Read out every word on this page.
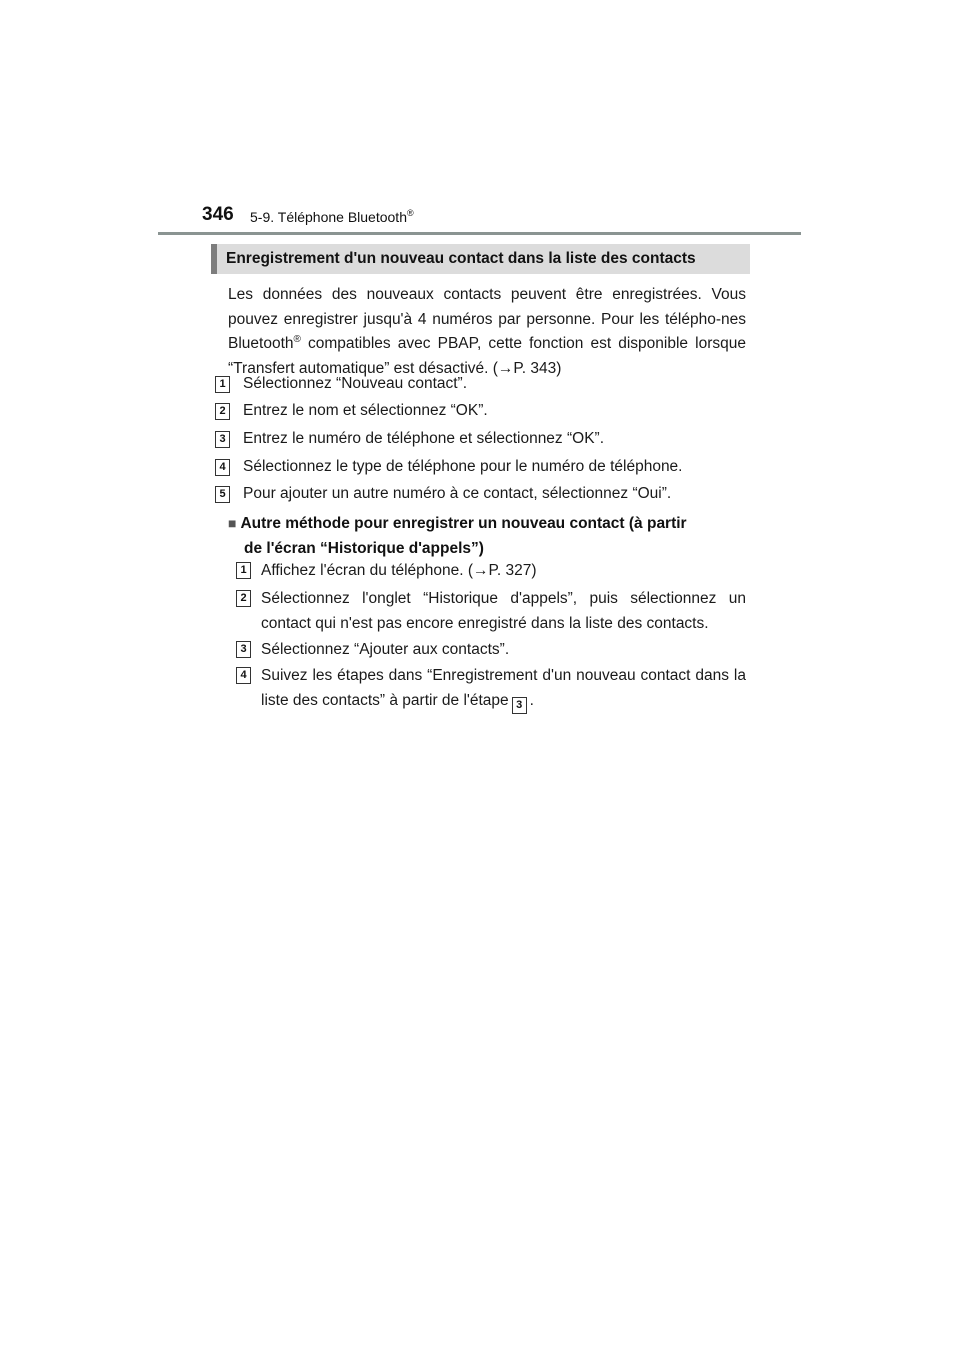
346 5-9. Téléphone Bluetooth®
Enregistrement d'un nouveau contact dans la liste des contacts
Les données des nouveaux contacts peuvent être enregistrées. Vous pouvez enregistrer jusqu'à 4 numéros par personne. Pour les télépho-nes Bluetooth® compatibles avec PBAP, cette fonction est disponible lorsque “Transfert automatique” est désactivé. (→P. 343)
1 Sélectionnez “Nouveau contact”.
2 Entrez le nom et sélectionnez “OK”.
3 Entrez le numéro de téléphone et sélectionnez “OK”.
4 Sélectionnez le type de téléphone pour le numéro de téléphone.
5 Pour ajouter un autre numéro à ce contact, sélectionnez “Oui”.
■ Autre méthode pour enregistrer un nouveau contact (à partir
de l'écran “Historique d'appels”)
1 Affichez l'écran du téléphone. (→P. 327)
2 Sélectionnez l'onglet “Historique d'appels”, puis sélectionnez un contact qui n'est pas encore enregistré dans la liste des contacts.
3 Sélectionnez “Ajouter aux contacts”.
4 Suivez les étapes dans “Enregistrement d'un nouveau contact dans la liste des contacts” à partir de l'étape 3 .
